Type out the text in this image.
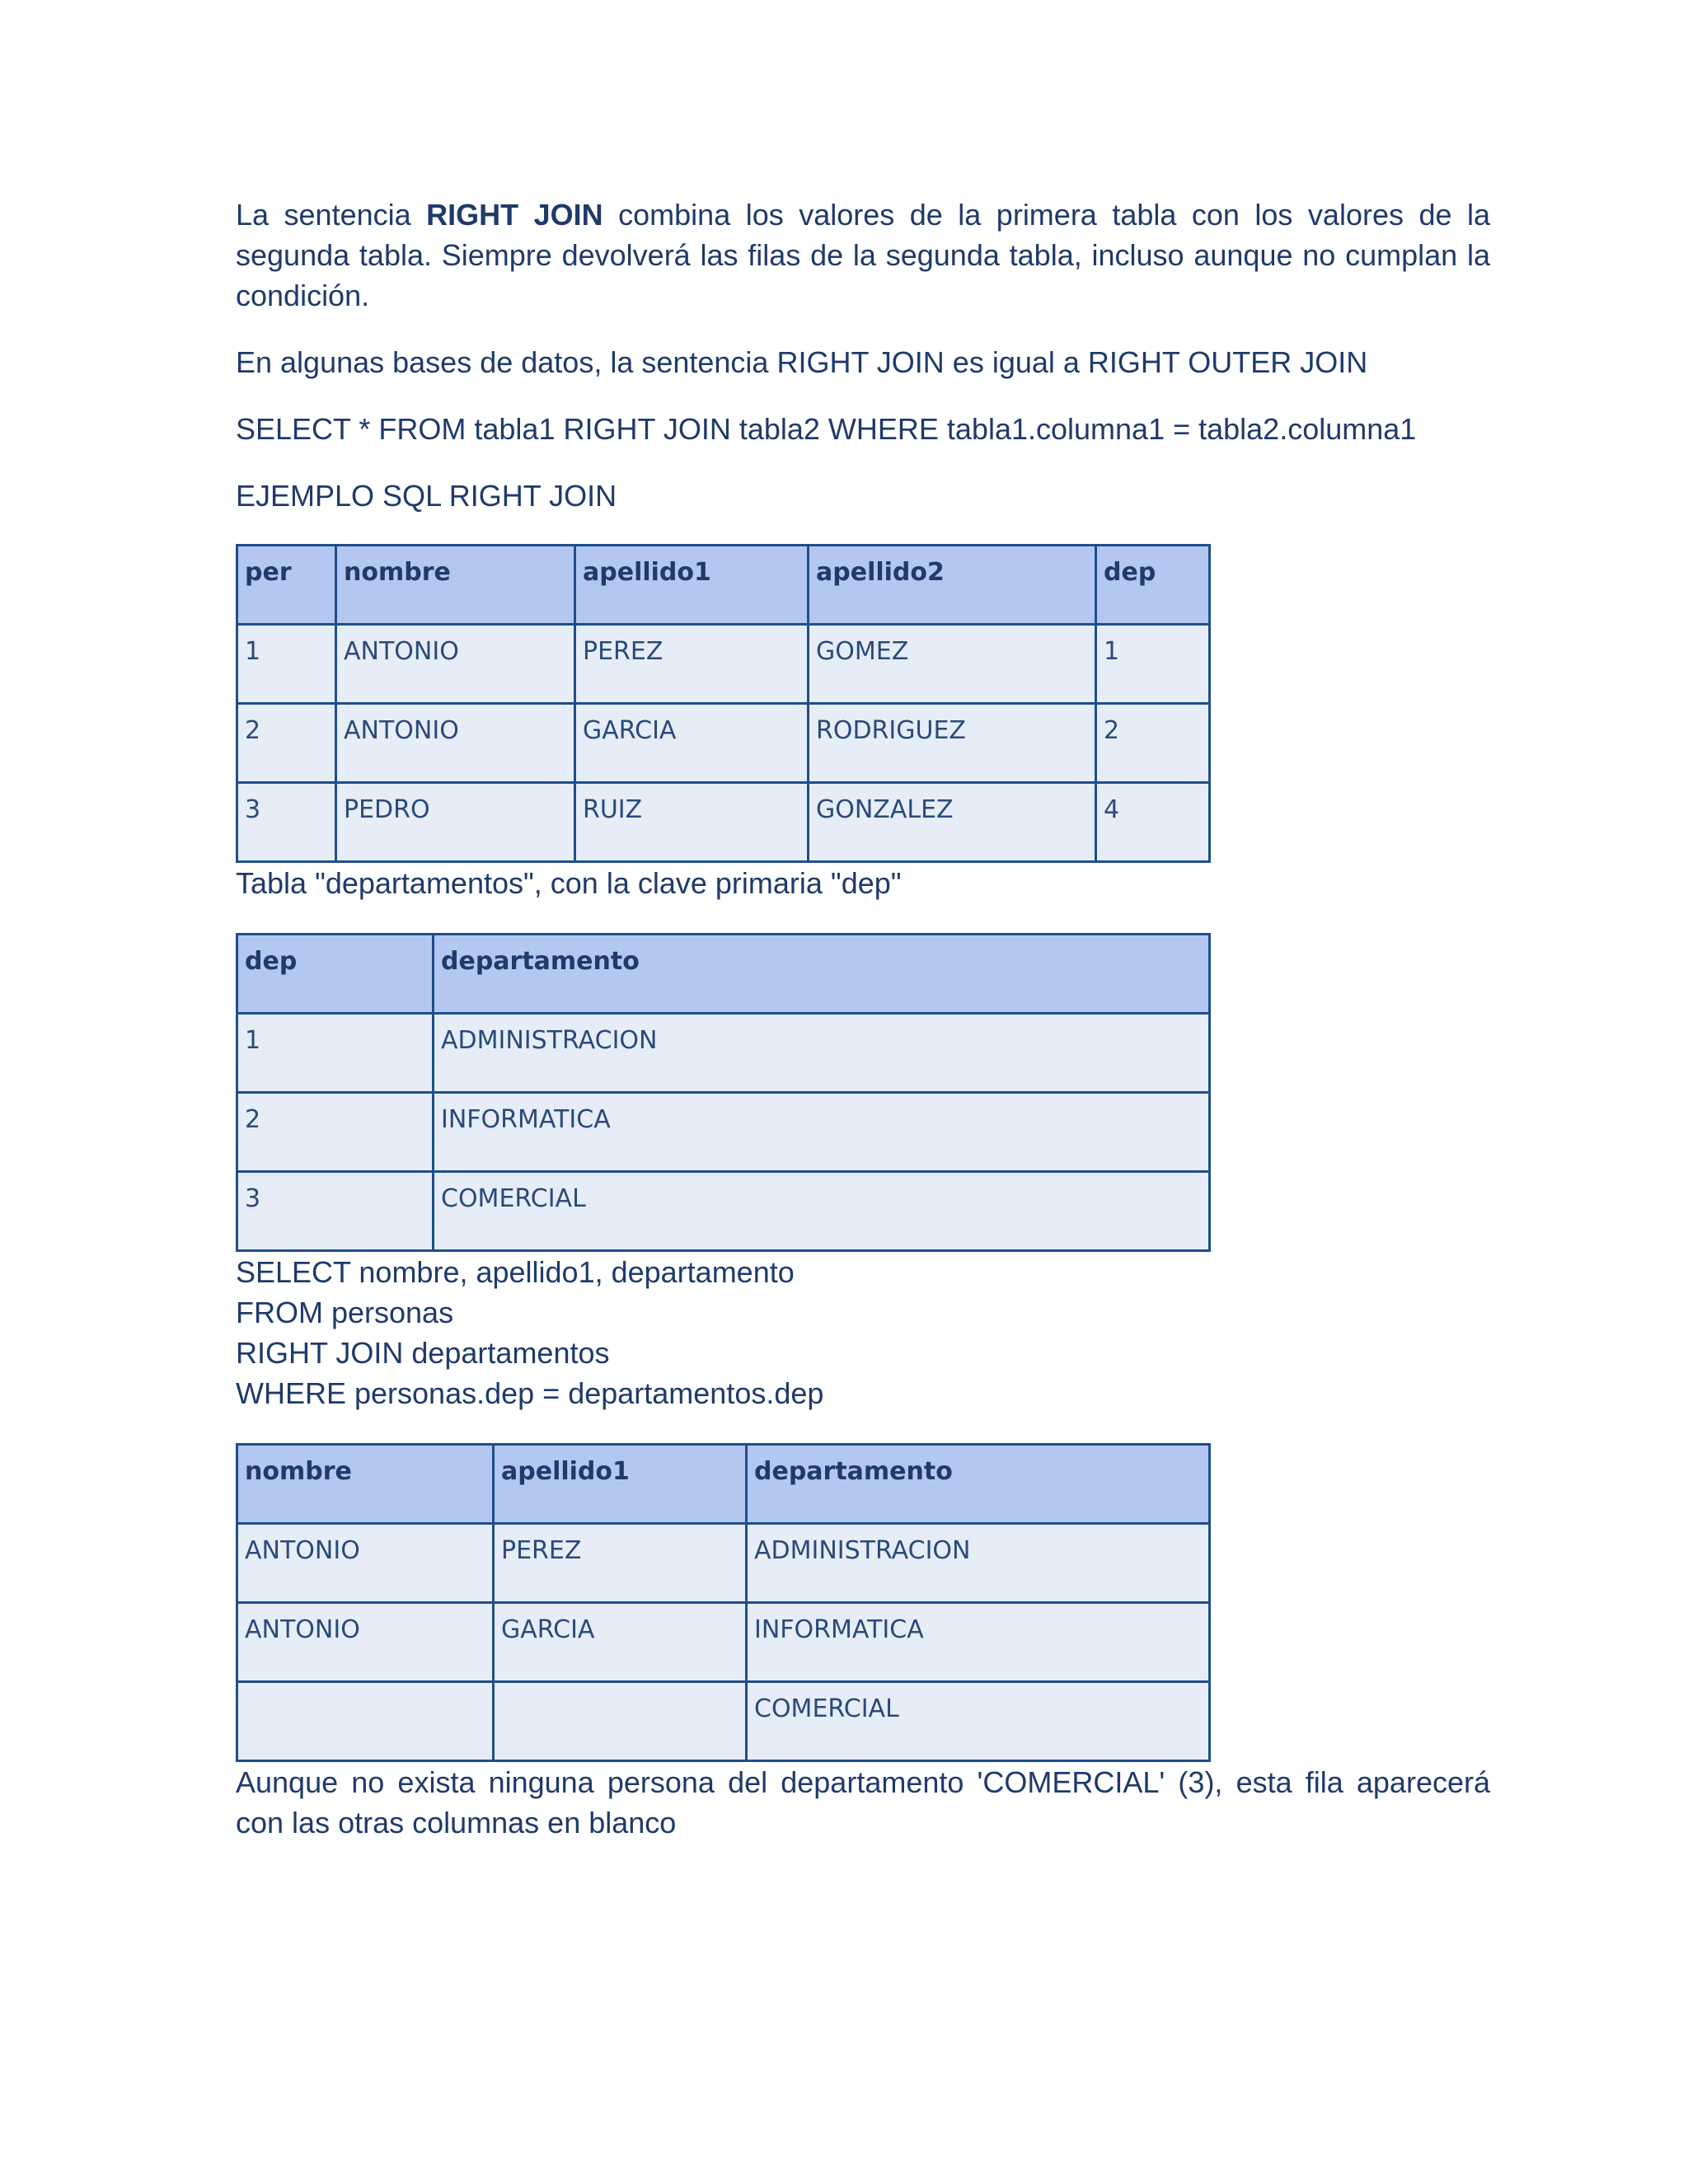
La sentencia RIGHT JOIN combina los valores de la primera tabla con los valores de la segunda tabla. Siempre devolverá las filas de la segunda tabla, incluso aunque no cumplan la condición.

En algunas bases de datos, la sentencia RIGHT JOIN es igual a RIGHT OUTER JOIN

SELECT * FROM tabla1 RIGHT JOIN tabla2 WHERE tabla1.columna1 = tabla2.columna1

EJEMPLO SQL RIGHT JOIN

per	nombre	apellido1	apellido2	dep
1	ANTONIO	PEREZ	GOMEZ	1
2	ANTONIO	GARCIA	RODRIGUEZ	2
3	PEDRO	RUIZ	GONZALEZ	4

Tabla "departamentos", con la clave primaria "dep"

dep	departamento
1	ADMINISTRACION
2	INFORMATICA
3	COMERCIAL

SELECT nombre, apellido1, departamento

FROM personas

RIGHT JOIN departamentos

WHERE personas.dep = departamentos.dep

nombre	apellido1	departamento
ANTONIO	PEREZ	ADMINISTRACION
ANTONIO	GARCIA	INFORMATICA
		COMERCIAL

Aunque no exista ninguna persona del departamento 'COMERCIAL' (3), esta fila aparecerá con las otras columnas en blanco
